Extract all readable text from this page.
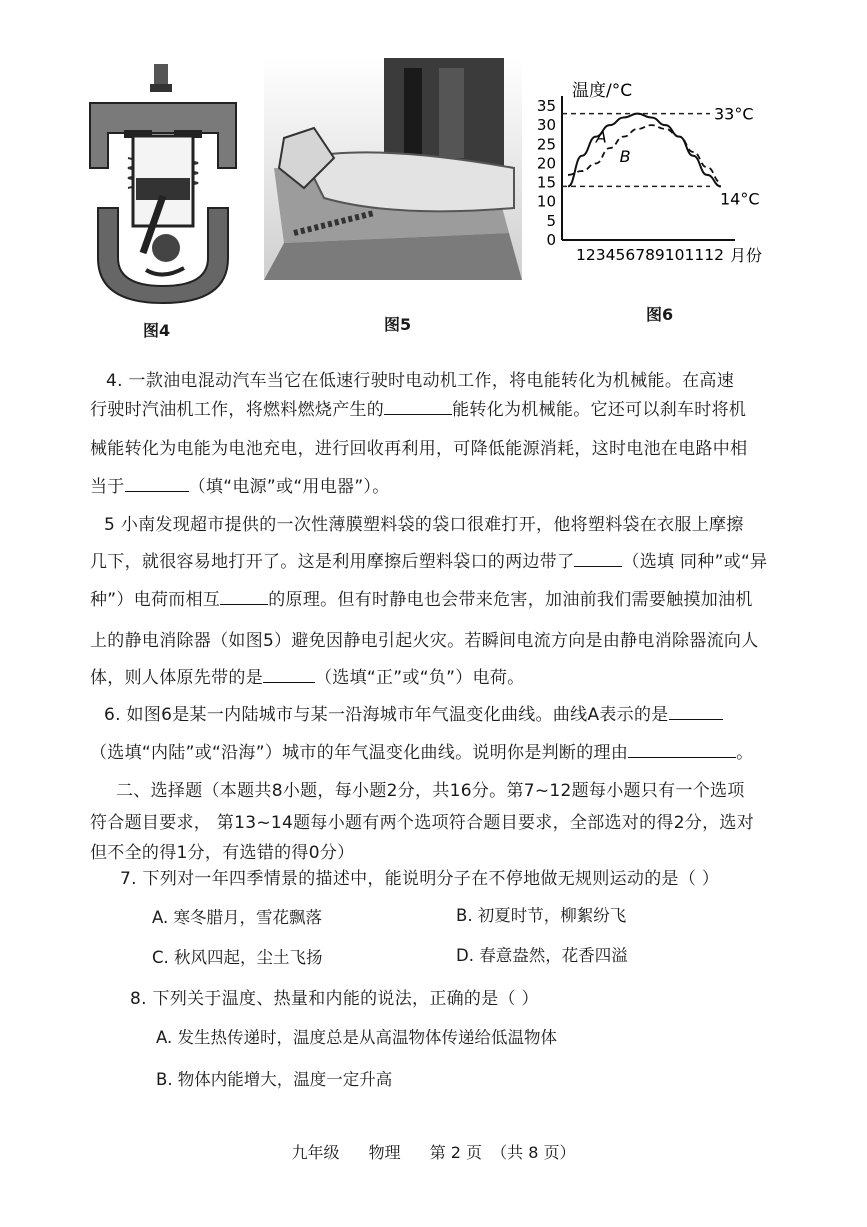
图4	图5
0
5
10
15
20
25
30
35
温度/°C
123456789101112 月份
33°C
14°C
A
B
图6
4. 一款油电混动汽车当它在低速行驶时电动机工作，将电能转化为机械能。在高速
行驶时汽油机工作，将燃料燃烧产生的	能转化为机械能。它还可以刹车时将机
械能转化为电能为电池充电，进行回收再利用，可降低能源消耗，这时电池在电路中相
当于	（填“电源”或“用电器”）。
5 小南发现超市提供的一次性薄膜塑料袋的袋口很难打开，他将塑料袋在衣服上摩擦
几下，就很容易地打开了。这是利用摩擦后塑料袋口的两边带了	（选填 同种”或“异
种”）电荷而相互	的原理。但有时静电也会带来危害，加油前我们需要触摸加油机
上的静电消除器（如图5）避免因静电引起火灾。若瞬间电流方向是由静电消除器流向人
体，则人体原先带的是	（选填“正”或“负”）电荷。
6. 如图6是某一内陆城市与某一沿海城市年气温变化曲线。曲线A表示的是
（选填“内陆”或“沿海”）城市的年气温变化曲线。说明你是判断的理由	。
二、选择题（本题共8小题，每小题2分，共16分。第7~12题每小题只有一个选项
符合题目要求， 第13~14题每小题有两个选项符合题目要求，全部选对的得2分，选对
但不全的得1分，有选错的得0分）
7. 下列对一年四季情景的描述中，能说明分子在不停地做无规则运动的是（ ）
A. 寒冬腊月，雪花飘落	B. 初夏时节，柳絮纷飞
C. 秋风四起，尘土飞扬	D. 春意盎然，花香四溢
8. 下列关于温度、热量和内能的说法，正确的是（ ）
A. 发生热传递时，温度总是从高温物体传递给低温物体
B. 物体内能增大，温度一定升高
九年级 物理 第 2 页 （共 8 页）
